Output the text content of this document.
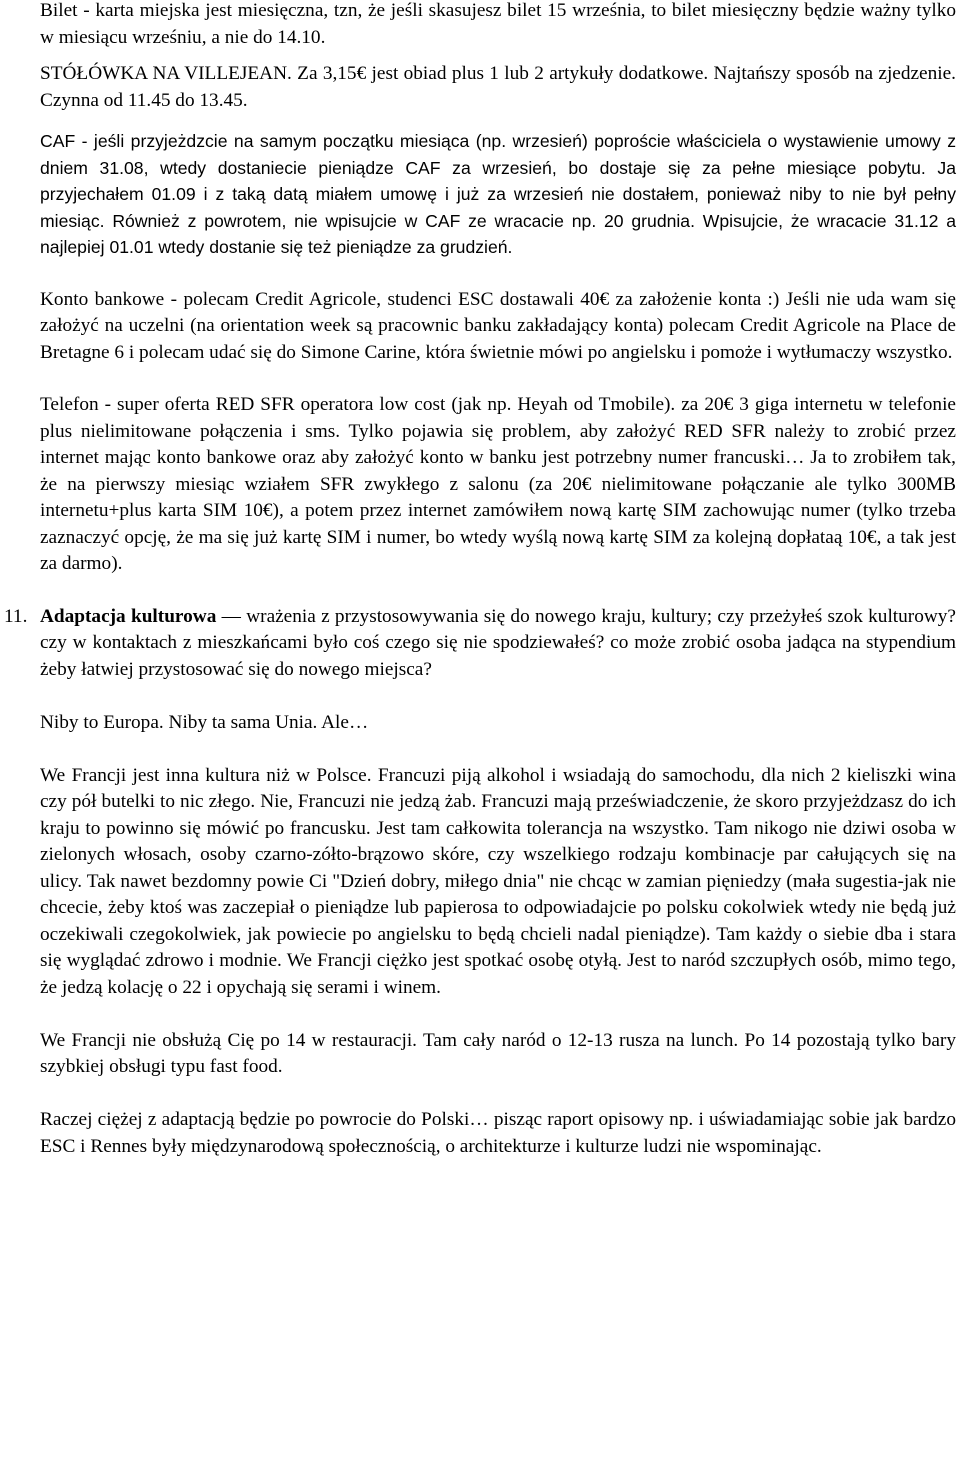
Bilet - karta miejska jest miesięczna, tzn, że jeśli skasujesz bilet 15 września, to bilet miesięczny będzie ważny tylko w miesiącu wrześniu, a nie do 14.10.

STÓŁÓWKA NA VILLEJEAN. Za 3,15€ jest obiad plus 1 lub 2 artykuły dodatkowe. Najtańszy sposób na zjedzenie. Czynna od 11.45 do 13.45.

CAF - jeśli przyjeżdzcie na samym początku miesiąca (np. wrzesień) poproście właściciela o wystawienie umowy z dniem 31.08, wtedy dostaniecie pieniądze CAF za wrzesień, bo dostaje się za pełne miesiące pobytu. Ja przyjechałem 01.09 i z taką datą miałem umowę i już za wrzesień nie dostałem, ponieważ niby to nie był pełny miesiąc. Również z powrotem, nie wpisujcie w CAF ze wracacie np. 20 grudnia. Wpisujcie, że wracacie 31.12 a najlepiej 01.01 wtedy dostanie się też pieniądze za grudzień.

Konto bankowe - polecam Credit Agricole, studenci ESC dostawali 40€ za założenie konta :) Jeśli nie uda wam się założyć na uczelni (na orientation week są pracownic banku zakładający konta) polecam Credit Agricole na Place de Bretagne 6 i polecam udać się do Simone Carine, która świetnie mówi po angielsku i pomoże i wytłumaczy wszystko.

Telefon - super oferta RED SFR operatora low cost (jak np. Heyah od Tmobile). za 20€ 3 giga internetu w telefonie plus nielimitowane połączenia i sms. Tylko pojawia się problem, aby założyć RED SFR należy to zrobić przez internet mając konto bankowe oraz aby założyć konto w banku jest potrzebny numer francuski… Ja to zrobiłem tak, że na pierwszy miesiąc wziałem SFR zwykłego z salonu (za 20€ nielimitowane połączanie ale tylko 300MB internetu+plus karta SIM 10€), a potem przez internet zamówiłem nową kartę SIM zachowując numer (tylko trzeba zaznaczyć opcję, że ma się już kartę SIM i numer, bo wtedy wyślą nową kartę SIM za kolejną dopłataą 10€, a tak jest za darmo).

11. Adaptacja kulturowa — wrażenia z przystosowywania się do nowego kraju, kultury; czy przeżyłeś szok kulturowy? czy w kontaktach z mieszkańcami było coś czego się nie spodziewałeś? co może zrobić osoba jadąca na stypendium żeby łatwiej przystosować się do nowego miejsca?

Niby to Europa. Niby ta sama Unia. Ale…

We Francji jest inna kultura niż w Polsce. Francuzi piją alkohol i wsiadają do samochodu, dla nich 2 kieliszki wina czy pół butelki to nic złego. Nie, Francuzi nie jedzą żab. Francuzi mają przeświadczenie, że skoro przyjeżdzasz do ich kraju to powinno się mówić po francusku. Jest tam całkowita tolerancja na wszystko. Tam nikogo nie dziwi osoba w zielonych włosach, osoby czarno-zółto-brązowo skóre, czy wszelkiego rodzaju kombinacje par całujących się na ulicy. Tak nawet bezdomny powie Ci "Dzień dobry, miłego dnia" nie chcąc w zamian pięniedzy (mała sugestia-jak nie chcecie, żeby ktoś was zaczepiał o pieniądze lub papierosa to odpowiadajcie po polsku cokolwiek wtedy nie będą już oczekiwali czegokolwiek, jak powiecie po angielsku to będą chcieli nadal pieniądze). Tam każdy o siebie dba i stara się wyglądać zdrowo i modnie. We Francji ciężko jest spotkać osobę otyłą. Jest to naród szczupłych osób, mimo tego, że jedzą kolację o 22 i opychają się serami i winem.

We Francji nie obsłużą Cię po 14 w restauracji. Tam cały naród o 12-13 rusza na lunch. Po 14 pozostają tylko bary szybkiej obsługi typu fast food.

Raczej ciężej z adaptacją będzie po powrocie do Polski… pisząc raport opisowy np. i uświadamiając sobie jak bardzo ESC i Rennes były międzynarodową społecznością, o architekturze i kulturze ludzi nie wspominając.
